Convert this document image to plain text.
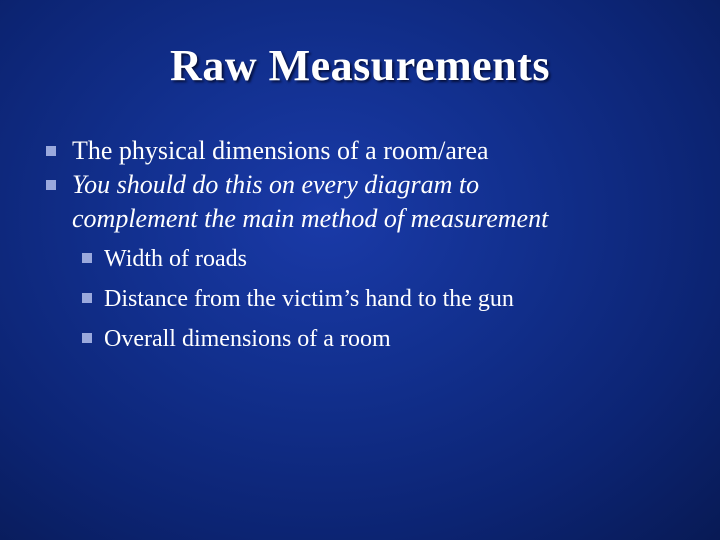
Raw Measurements
The physical dimensions of a room/area
You should do this on every diagram to
complement the main method of measurement
Width of roads
Distance from the victim’s hand to the gun
Overall dimensions of a room
